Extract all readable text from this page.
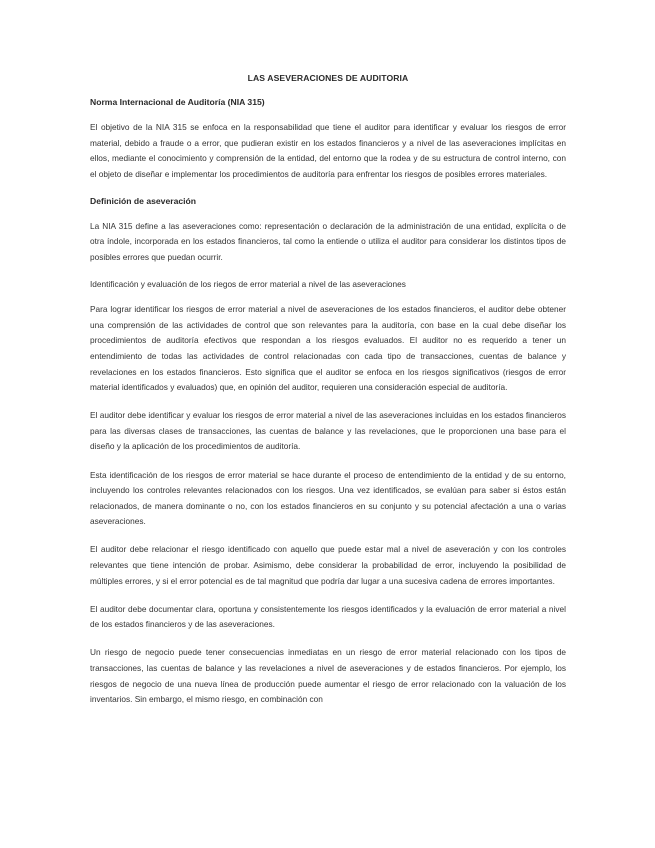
LAS ASEVERACIONES DE AUDITORIA
Norma Internacional de Auditoría (NIA 315)

El objetivo de la NIA 315 se enfoca en la responsabilidad que tiene el auditor para identificar y evaluar los riesgos de error material, debido a fraude o a error, que pudieran existir en los estados financieros y a nivel de las aseveraciones implícitas en ellos, mediante el conocimiento y comprensión de la entidad, del entorno que la rodea y de su estructura de control interno, con el objeto de diseñar e implementar los procedimientos de auditoría para enfrentar los riesgos de posibles errores materiales.

Definición de aseveración

La NIA 315 define a las aseveraciones como: representación o declaración de la administración de una entidad, explícita o de otra índole, incorporada en los estados financieros, tal como la entiende o utiliza el auditor para considerar los distintos tipos de posibles errores que puedan ocurrir.

Identificación y evaluación de los riegos de error material a nivel de las aseveraciones

Para lograr identificar los riesgos de error material a nivel de aseveraciones de los estados financieros, el auditor debe obtener una comprensión de las actividades de control que son relevantes para la auditoría, con base en la cual debe diseñar los procedimientos de auditoría efectivos que respondan a los riesgos evaluados. El auditor no es requerido a tener un entendimiento de todas las actividades de control relacionadas con cada tipo de transacciones, cuentas de balance y revelaciones en los estados financieros. Esto significa que el auditor se enfoca en los riesgos significativos (riesgos de error material identificados y evaluados) que, en opinión del auditor, requieren una consideración especial de auditoría.

El auditor debe identificar y evaluar los riesgos de error material a nivel de las aseveraciones incluidas en los estados financieros para las diversas clases de transacciones, las cuentas de balance y las revelaciones, que le proporcionen una base para el diseño y la aplicación de los procedimientos de auditoría.

Esta identificación de los riesgos de error material se hace durante el proceso de entendimiento de la entidad y de su entorno, incluyendo los controles relevantes relacionados con los riesgos. Una vez identificados, se evalúan para saber si éstos están relacionados, de manera dominante o no, con los estados financieros en su conjunto y su potencial afectación a una o varias aseveraciones.

El auditor debe relacionar el riesgo identificado con aquello que puede estar mal a nivel de aseveración y con los controles relevantes que tiene intención de probar. Asimismo, debe considerar la probabilidad de error, incluyendo la posibilidad de múltiples errores, y si el error potencial es de tal magnitud que podría dar lugar a una sucesiva cadena de errores importantes.

El auditor debe documentar clara, oportuna y consistentemente los riesgos identificados y la evaluación de error material a nivel de los estados financieros y de las aseveraciones.

Un riesgo de negocio puede tener consecuencias inmediatas en un riesgo de error material relacionado con los tipos de transacciones, las cuentas de balance y las revelaciones a nivel de aseveraciones y de estados financieros. Por ejemplo, los riesgos de negocio de una nueva línea de producción puede aumentar el riesgo de error relacionado con la valuación de los inventarios. Sin embargo, el mismo riesgo, en combinación con
